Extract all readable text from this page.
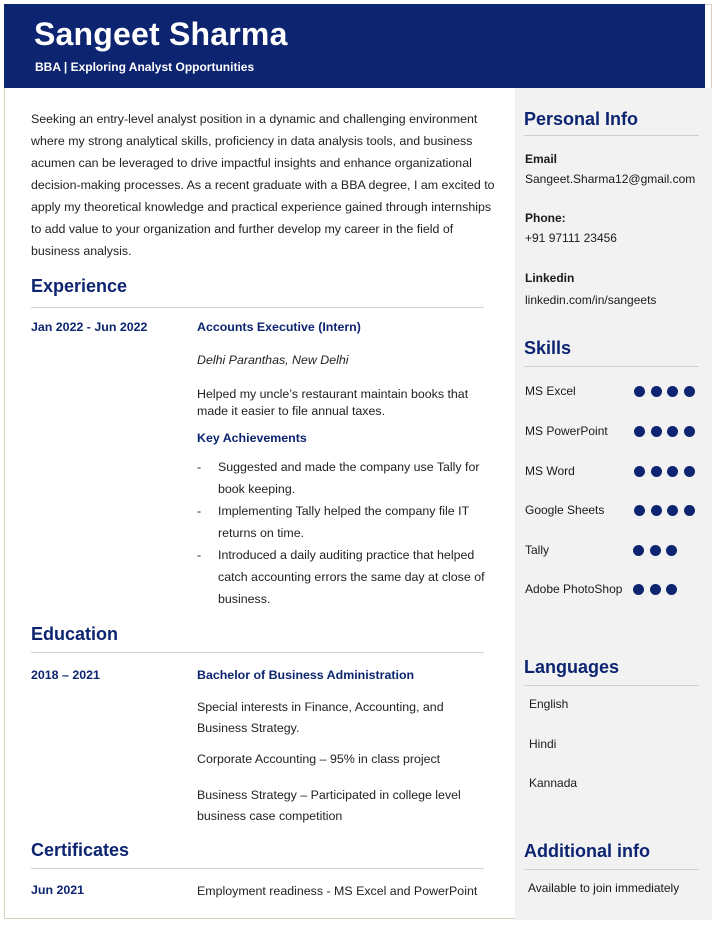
Sangeet Sharma
BBA | Exploring Analyst Opportunities
Seeking an entry-level analyst position in a dynamic and challenging environment where my strong analytical skills, proficiency in data analysis tools, and business acumen can be leveraged to drive impactful insights and enhance organizational decision-making processes. As a recent graduate with a BBA degree, I am excited to apply my theoretical knowledge and practical experience gained through internships to add value to your organization and further develop my career in the field of business analysis.
Experience
Jan 2022 - Jun 2022	Accounts Executive (Intern)
Delhi Paranthas, New Delhi
Helped my uncle’s restaurant maintain books that made it easier to file annual taxes.
Key Achievements
- Suggested and made the company use Tally for book keeping.
- Implementing Tally helped the company file IT returns on time.
- Introduced a daily auditing practice that helped catch accounting errors the same day at close of business.
Education
2018 – 2021	Bachelor of Business Administration
Special interests in Finance, Accounting, and Business Strategy.
Corporate Accounting – 95% in class project
Business Strategy – Participated in college level business case competition
Certificates
Jun 2021	Employment readiness - MS Excel and PowerPoint
Personal Info
Email
Sangeet.Sharma12@gmail.com
Phone:
+91 97111 23456
Linkedin
linkedin.com/in/sangeets
Skills
MS Excel
MS PowerPoint
MS Word
Google Sheets
Tally
Adobe PhotoShop
Languages
English
Hindi
Kannada
Additional info
Available to join immediately
